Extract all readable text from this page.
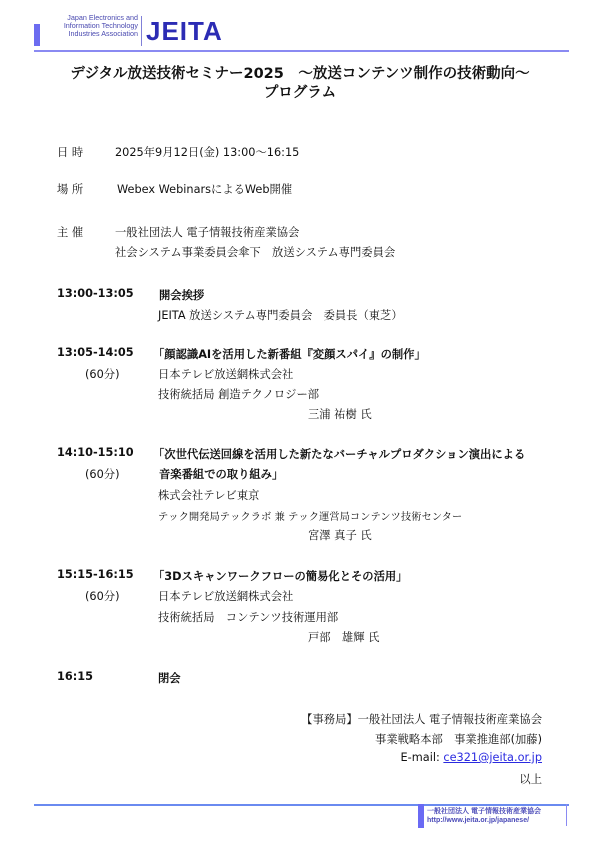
Japan Electronics and
Information Technology
Industries Association JEITA
デジタル放送技術セミナー2025　～放送コンテンツ制作の技術動向～
プログラム
日 時	2025年9月12日(金) 13:00～16:15
場 所	Webex WebinarsによるWeb開催
主 催	一般社団法人 電子情報技術産業協会
社会システム事業委員会傘下　放送システム専門委員会
13:00-13:05 開会挨拶
JEITA 放送システム専門委員会　委員長（東芝）
13:05-14:05 「顔認識AIを活用した新番組『変顔スパイ』の制作」
(60分)	日本テレビ放送網株式会社
技術統括局 創造テクノロジー部
三浦 祐樹 氏
14:10-15:10 「次世代伝送回線を活用した新たなバーチャルプロダクション演出による
(60分)	音楽番組での取り組み」
株式会社テレビ東京
テック開発局テックラボ 兼 テック運営局コンテンツ技術センター
宮澤 真子 氏
15:15-16:15 「3Dスキャンワークフローの簡易化とその活用」
(60分)	日本テレビ放送網株式会社
技術統括局　コンテンツ技術運用部
戸部　雄輝 氏
16:15	閉会
【事務局】一般社団法人 電子情報技術産業協会
事業戦略本部　事業推進部(加藤)
E-mail: ce321@jeita.or.jp
以上
一般社団法人 電子情報技術産業協会
http://www.jeita.or.jp/japanese/
